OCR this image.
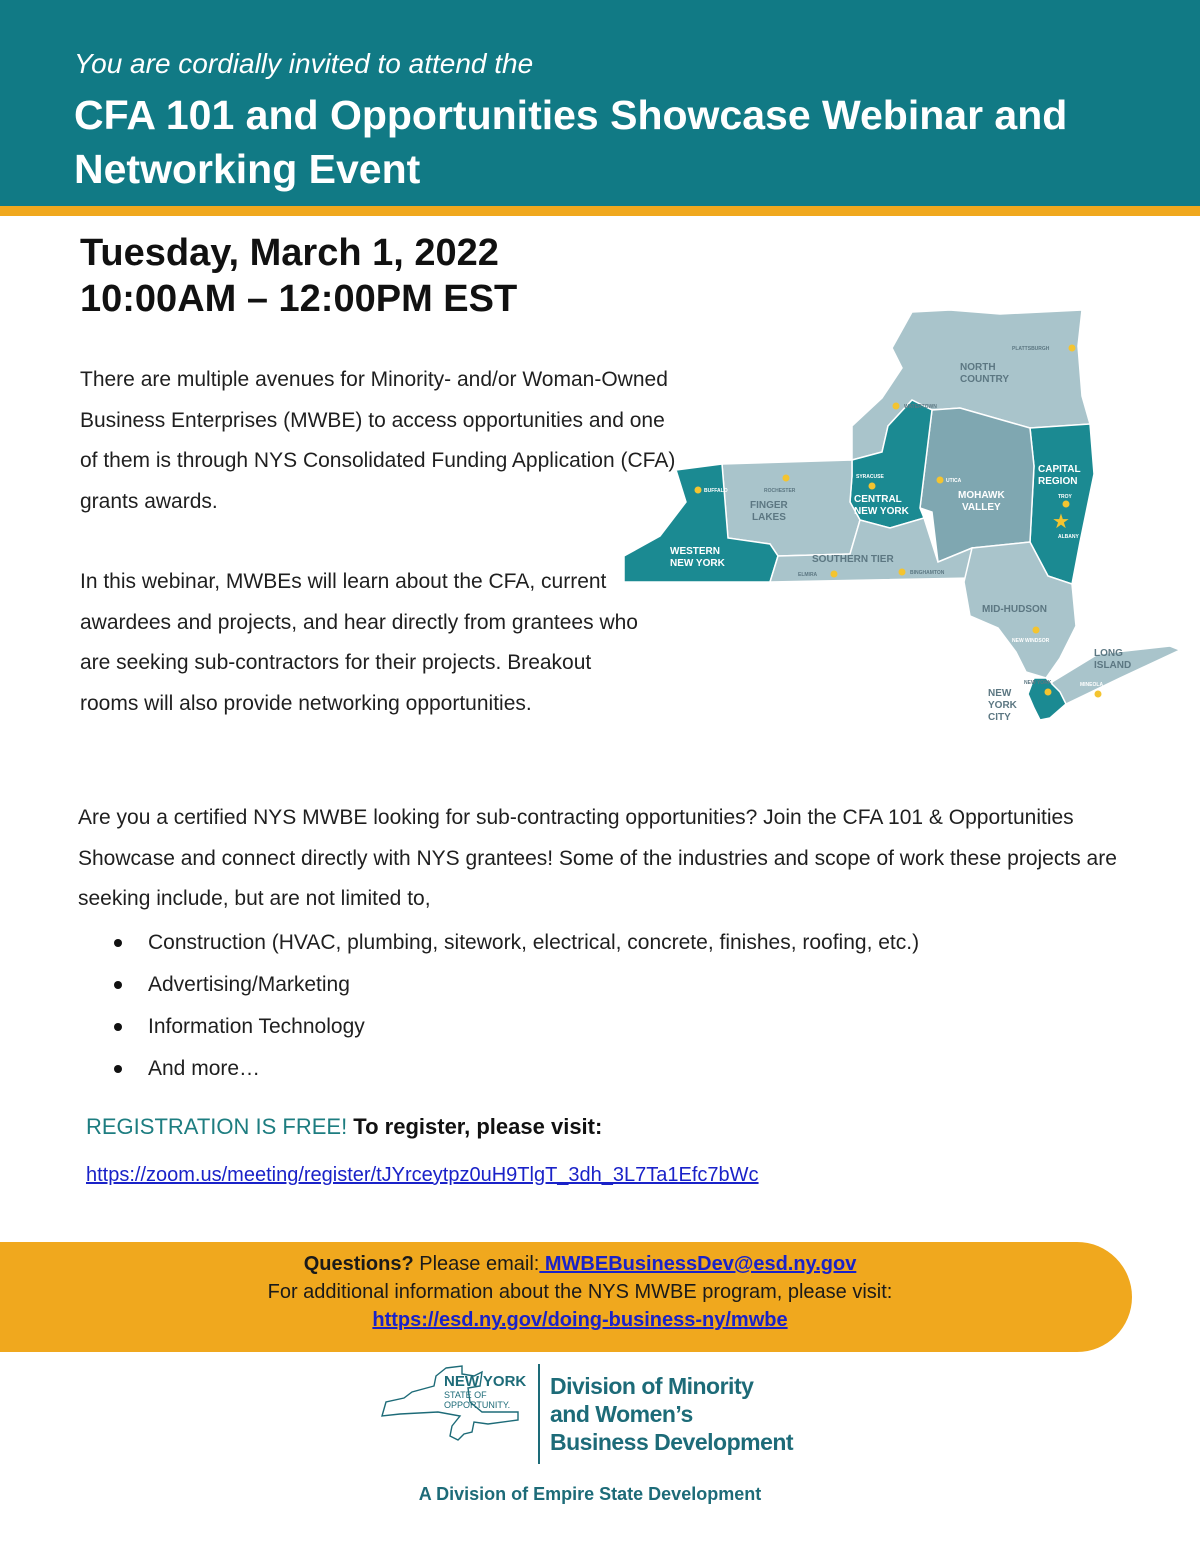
You are cordially invited to attend the
CFA 101 and Opportunities Showcase Webinar and Networking Event
Tuesday, March 1, 2022
10:00AM – 12:00PM EST
There are multiple avenues for Minority- and/or Woman-Owned Business Enterprises (MWBE) to access opportunities and one of them is through NYS Consolidated Funding Application (CFA) grants awards.
In this webinar, MWBEs will learn about the CFA, current awardees and projects, and hear directly from grantees who are seeking sub-contractors for their projects. Breakout rooms will also provide networking opportunities.
Are you a certified NYS MWBE looking for sub-contracting opportunities? Join the CFA 101 & Opportunities Showcase and connect directly with NYS grantees! Some of the industries and scope of work these projects are seeking include, but are not limited to,
Construction (HVAC, plumbing, sitework, electrical, concrete, finishes, roofing, etc.)
Advertising/Marketing
Information Technology
And more…
REGISTRATION IS FREE! To register, please visit:
https://zoom.us/meeting/register/tJYrceytpz0uH9TlgT_3dh_3L7Ta1Efc7bWc
Questions? Please email: MWBEBusinessDev@esd.ny.gov
For additional information about the NYS MWBE program, please visit:
https://esd.ny.gov/doing-business-ny/mwbe
NEW YORK
STATE OF
OPPORTUNITY.
Division of Minority
and Women’s
Business Development
A Division of Empire State Development
NORTH
COUNTRY
CAPITAL
REGION
MOHAWK
VALLEY
CENTRAL
NEW YORK
FINGER
LAKES
WESTERN
NEW YORK	SOUTHERN TIER
MID-HUDSON
LONG
ISLAND
NEW
YORK
CITY
PLATTSBURGH
WATERTOWN
SYRACUSE
UTICA
TROY
★
ALBANY
ROCHESTER
BUFFALO
ELMIRA	BINGHAMTON
NEW WINDSOR
MINEOLA
NEW YORK
